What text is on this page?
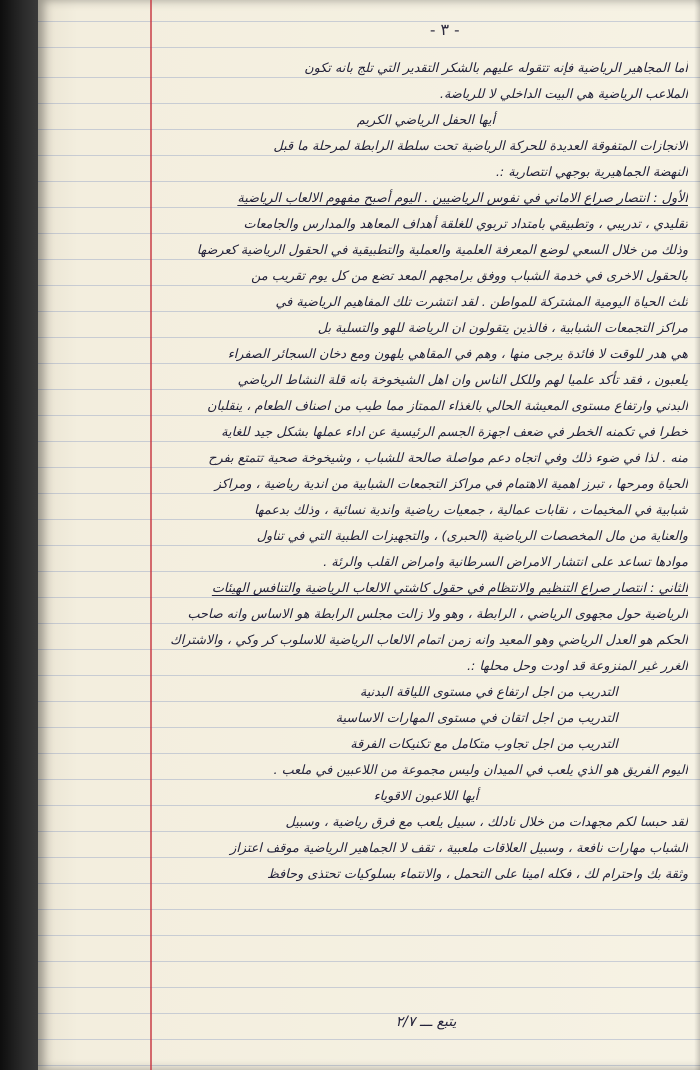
- ٣ -
أما المجاهير الرياضية فإنه تتقوله عليهم بالشكر التقدير التي تلج بانه تكون
الملاعب الرياضية هي البيت الداخلي لا للرياضة.
أيها الحفل الرياضي الكريم
الانجازات المتفوقة العديدة للحركة الرياضية تحت سلطة الرابطة لمرحلة ما قبل
النهضة الجماهيرية بوجهي انتصارية :.
الأول : انتصار صراع الاماني في نفوس الرياضيين . اليوم أصبح مفهوم الالعاب الرياضية
تقليدي ، تدريبي ، وتطبيقي بامتداد تربوي للغلقة أهداف المعاهد والمدارس والجامعات
وذلك من خلال السعي لوضع المعرفة العلمية والعملية والتطبيقية في الحقول الرياضية كعرضها
بالحقول الاخرى في خدمة الشباب ووفق برامجهم المعد تضع من كل يوم تقريب من
ثلث الحياة اليومية المشتركة للمواطن . لقد انتشرت تلك المفاهيم الرياضية في
مراكز التجمعات الشبابية ، فالذين يتقولون ان الرياضة للهو والتسلية بل
هي هدر للوقت لا فائدة يرجى منها ، وهم في المقاهي يلهون ومع دخان السجائر الصفراء
يلعبون ، فقد تأكد علميا لهم وللكل الناس وان اهل الشيخوخة بانه قلة النشاط الرياضي
البدني وارتفاع مستوى المعيشة الحالي بالغذاء الممتاز مما طيب من اصناف الطعام ، ينقلبان
خطرا في تكمنه الخطر في ضعف اجهزة الجسم الرئيسية عن اداء عملها بشكل جيد للغاية
منه . لذا في ضوء ذلك وفي اتجاه دعم مواصلة صالحة للشباب ، وشيخوخة صحية تتمتع بفرح
الحياة ومرحها ، تبرز اهمية الاهتمام في مراكز التجمعات الشبابية من اندية رياضية ، ومراكز
شبابية في المخيمات ، نقابات عمالية ، جمعيات رياضية واندية نسائية ، وذلك بدعمها
والعناية من مال المخصصات الرياضية (الحبرى) ، والتجهيزات الطبية التي في تناول
موادها تساعد على انتشار الامراض السرطانية وامراض القلب والرئة .
الثاني : انتصار صراع التنظيم والانتظام في حقول كاشتي الالعاب الرياضية والتنافس الهيئات
الرياضية حول مجهوى الرياضي ، الرابطة ، وهو ولا زالت مجلس الرابطة هو الاساس وانه صاحب
الحكم هو العدل الرياضي وهو المعيد وانه زمن اتمام الالعاب الرياضية للاسلوب كر وكي ، والاشتراك
الغرر غير المنزوعة قد اودت وحل محلها :.
التدريب من اجل ارتفاع في مستوى اللياقة البدنية
التدريب من اجل اتقان في مستوى المهارات الاساسية
التدريب من اجل تجاوب متكامل مع تكنيكات الفرقة
اليوم الفريق هو الذي يلعب في الميدان وليس مجموعة من اللاعبين في ملعب .
أيها اللاعبون الاقوياء
لقد حبسا لكم مجهدات من خلال نادلك ، سبيل يلعب مع فرق رياضية ، وسبيل
الشباب مهارات نافعة ، وسبيل العلاقات ملعبية ، تقف لا الجماهير الرياضية موقف اعتزاز
وثقة بك واحترام لك ، فكله امينا على التحمل ، والانتماء بسلوكيات تحتذى وحافظ
يتبع ـــ ٢/٧
